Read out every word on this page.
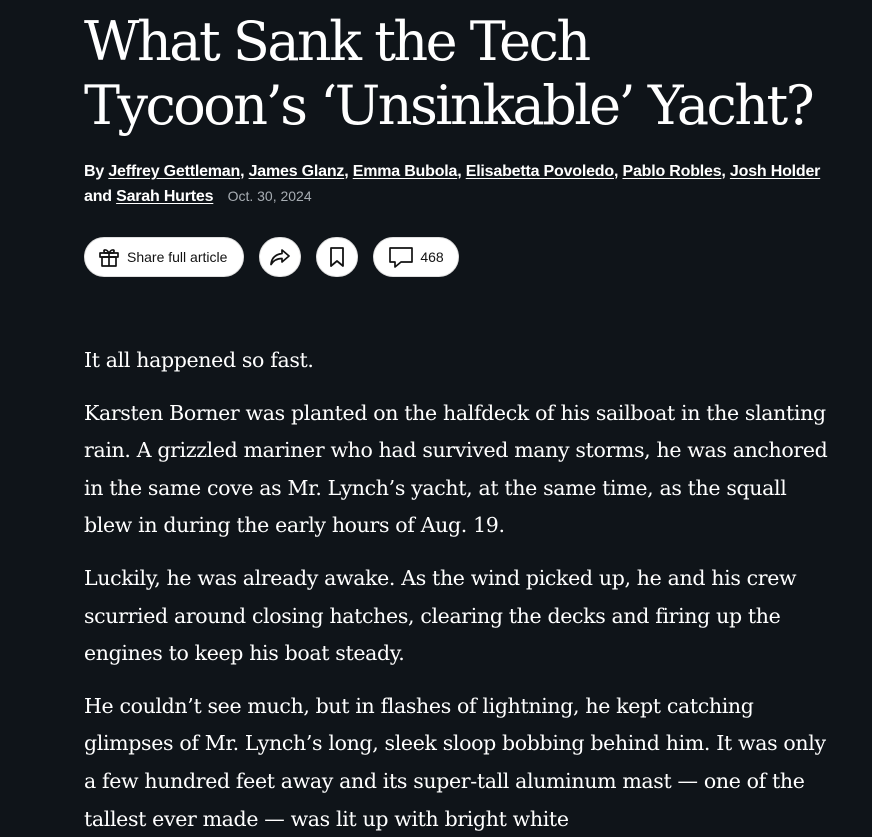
What Sank the Tech Tycoon’s ‘Unsinkable’ Yacht?
By Jeffrey Gettleman, James Glanz, Emma Bubola, Elisabetta Povoledo, Pablo Robles, Josh Holder and Sarah Hurtes Oct. 30, 2024
Share full article	468

It all happened so fast.

Karsten Borner was planted on the halfdeck of his sailboat in the slanting rain. A grizzled mariner who had survived many storms, he was anchored in the same cove as Mr. Lynch’s yacht, at the same time, as the squall blew in during the early hours of Aug. 19.

Luckily, he was already awake. As the wind picked up, he and his crew scurried around closing hatches, clearing the decks and firing up the engines to keep his boat steady.

He couldn’t see much, but in flashes of lightning, he kept catching glimpses of Mr. Lynch’s long, sleek sloop bobbing behind him. It was only a few hundred feet away and its super-tall aluminum mast — one of the tallest ever made — was lit up with bright white
